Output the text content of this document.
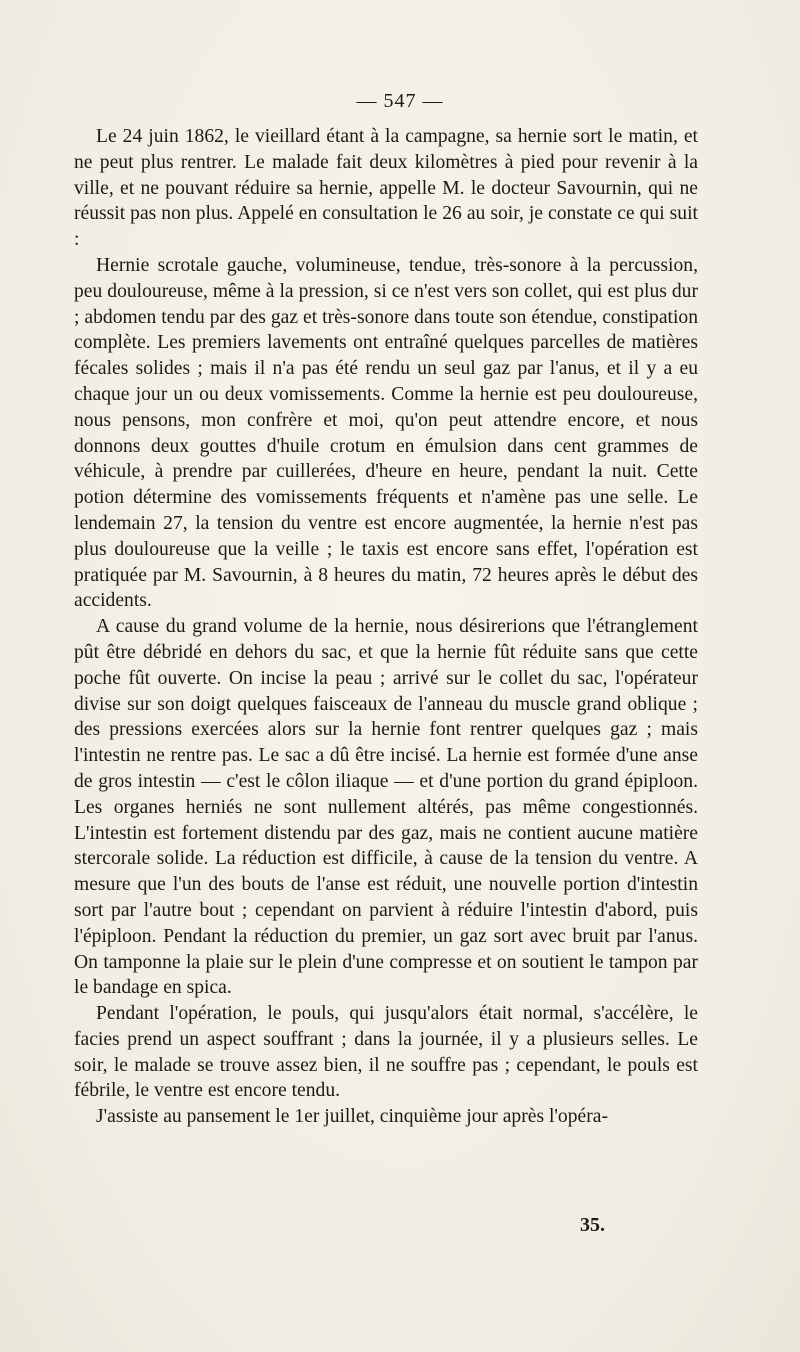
— 547 —

Le 24 juin 1862, le vieillard étant à la campagne, sa hernie sort le matin, et ne peut plus rentrer. Le malade fait deux kilomètres à pied pour revenir à la ville, et ne pouvant réduire sa hernie, appelle M. le docteur Savournin, qui ne réussit pas non plus. Appelé en consultation le 26 au soir, je constate ce qui suit :

Hernie scrotale gauche, volumineuse, tendue, très-sonore à la percussion, peu douloureuse, même à la pression, si ce n'est vers son collet, qui est plus dur ; abdomen tendu par des gaz et très-sonore dans toute son étendue, constipation complète. Les premiers lavements ont entraîné quelques parcelles de matières fécales solides ; mais il n'a pas été rendu un seul gaz par l'anus, et il y a eu chaque jour un ou deux vomissements. Comme la hernie est peu douloureuse, nous pensons, mon confrère et moi, qu'on peut attendre encore, et nous donnons deux gouttes d'huile crotum en émulsion dans cent grammes de véhicule, à prendre par cuillerées, d'heure en heure, pendant la nuit. Cette potion détermine des vomissements fréquents et n'amène pas une selle. Le lendemain 27, la tension du ventre est encore augmentée, la hernie n'est pas plus douloureuse que la veille ; le taxis est encore sans effet, l'opération est pratiquée par M. Savournin, à 8 heures du matin, 72 heures après le début des accidents.

A cause du grand volume de la hernie, nous désirerions que l'étranglement pût être débridé en dehors du sac, et que la hernie fût réduite sans que cette poche fût ouverte. On incise la peau ; arrivé sur le collet du sac, l'opérateur divise sur son doigt quelques faisceaux de l'anneau du muscle grand oblique ; des pressions exercées alors sur la hernie font rentrer quelques gaz ; mais l'intestin ne rentre pas. Le sac a dû être incisé. La hernie est formée d'une anse de gros intestin — c'est le côlon iliaque — et d'une portion du grand épiploon. Les organes herniés ne sont nullement altérés, pas même congestionnés. L'intestin est fortement distendu par des gaz, mais ne contient aucune matière stercorale solide. La réduction est difficile, à cause de la tension du ventre. A mesure que l'un des bouts de l'anse est réduit, une nouvelle portion d'intestin sort par l'autre bout ; cependant on parvient à réduire l'intestin d'abord, puis l'épiploon. Pendant la réduction du premier, un gaz sort avec bruit par l'anus. On tamponne la plaie sur le plein d'une compresse et on soutient le tampon par le bandage en spica.

Pendant l'opération, le pouls, qui jusqu'alors était normal, s'accélère, le facies prend un aspect souffrant ; dans la journée, il y a plusieurs selles. Le soir, le malade se trouve assez bien, il ne souffre pas ; cependant, le pouls est fébrile, le ventre est encore tendu.

J'assiste au pansement le 1er juillet, cinquième jour après l'opéra-

35.
